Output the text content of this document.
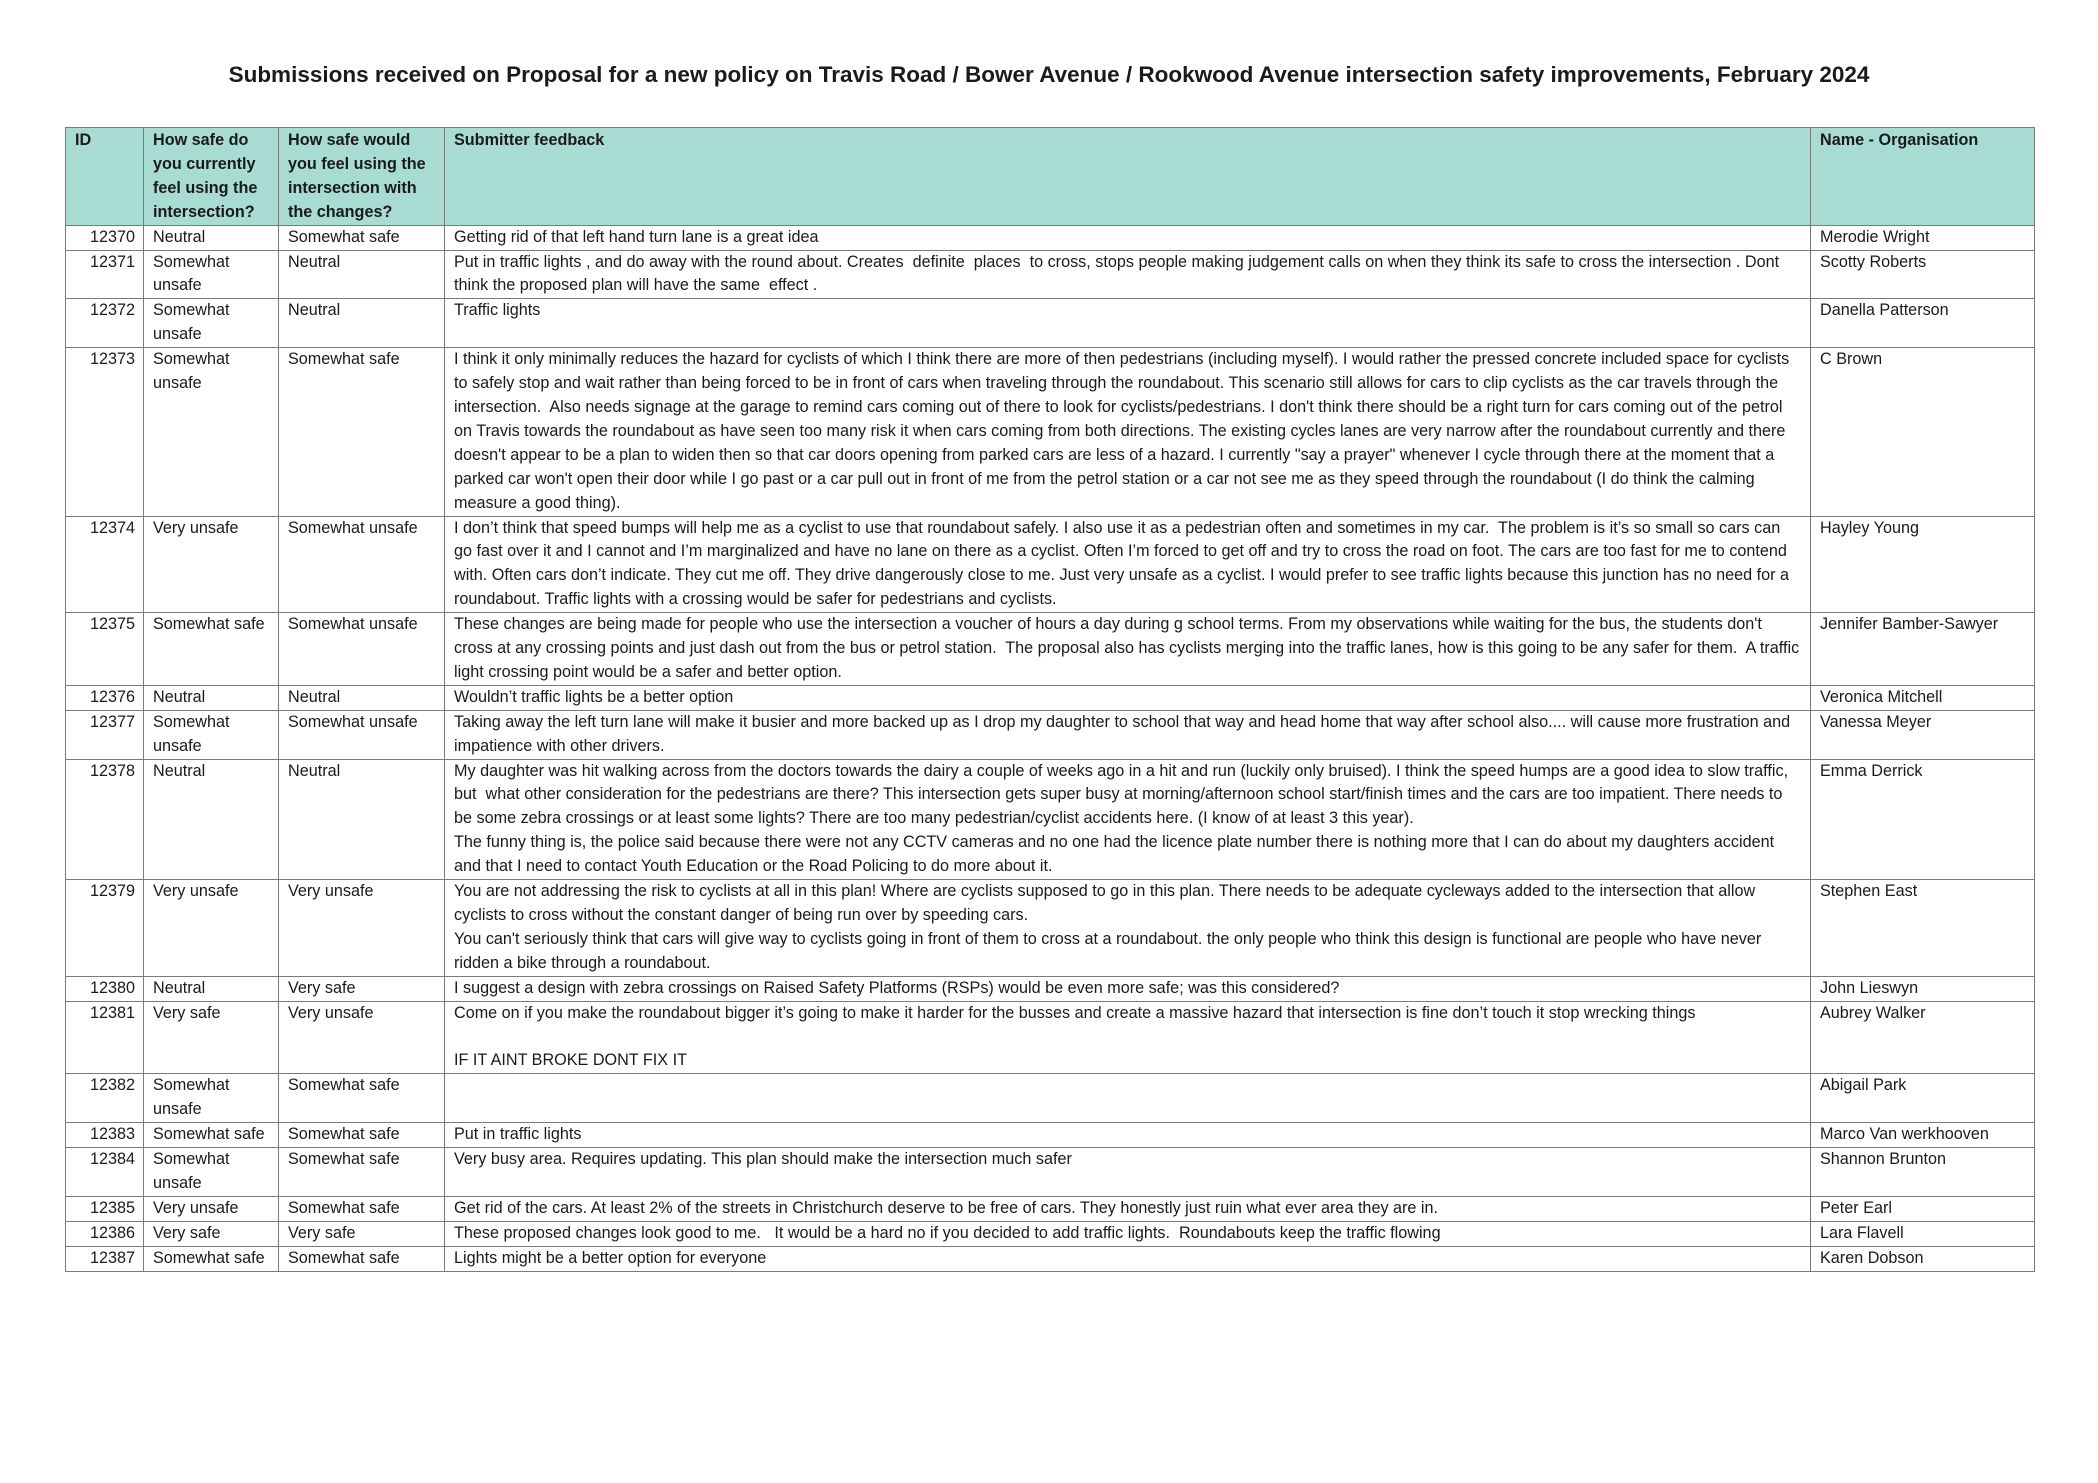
Submissions received on Proposal for a new policy on Travis Road / Bower Avenue / Rookwood Avenue intersection safety improvements, February 2024
ID	How safe do you currently feel using the intersection?	How safe would you feel using the intersection with the changes?	Submitter feedback	Name - Organisation
12370	Neutral	Somewhat safe	Getting rid of that left hand turn lane is a great idea	Merodie Wright
12371	Somewhat unsafe	Neutral	Put in traffic lights , and do away with the round about. Creates  definite  places  to cross, stops people making judgement calls on when they think its safe to cross the intersection . Dont think the proposed plan will have the same  effect .	Scotty Roberts
12372	Somewhat unsafe	Neutral	Traffic lights	Danella Patterson
12373	Somewhat unsafe	Somewhat safe	I think it only minimally reduces the hazard for cyclists of which I think there are more of then pedestrians (including myself). I would rather the pressed concrete included space for cyclists to safely stop and wait rather than being forced to be in front of cars when traveling through the roundabout. This scenario still allows for cars to clip cyclists as the car travels through the intersection.  Also needs signage at the garage to remind cars coming out of there to look for cyclists/pedestrians. I don't think there should be a right turn for cars coming out of the petrol on Travis towards the roundabout as have seen too many risk it when cars coming from both directions. The existing cycles lanes are very narrow after the roundabout currently and there doesn't appear to be a plan to widen then so that car doors opening from parked cars are less of a hazard. I currently "say a prayer" whenever I cycle through there at the moment that a parked car won't open their door while I go past or a car pull out in front of me from the petrol station or a car not see me as they speed through the roundabout (I do think the calming measure a good thing).	C Brown
12374	Very unsafe	Somewhat unsafe	I don’t think that speed bumps will help me as a cyclist to use that roundabout safely. I also use it as a pedestrian often and sometimes in my car.  The problem is it’s so small so cars can go fast over it and I cannot and I’m marginalized and have no lane on there as a cyclist. Often I’m forced to get off and try to cross the road on foot. The cars are too fast for me to contend with. Often cars don’t indicate. They cut me off. They drive dangerously close to me. Just very unsafe as a cyclist. I would prefer to see traffic lights because this junction has no need for a roundabout. Traffic lights with a crossing would be safer for pedestrians and cyclists.	Hayley Young
12375	Somewhat safe	Somewhat unsafe	These changes are being made for people who use the intersection a voucher of hours a day during g school terms. From my observations while waiting for the bus, the students don't cross at any crossing points and just dash out from the bus or petrol station.  The proposal also has cyclists merging into the traffic lanes, how is this going to be any safer for them.  A traffic light crossing point would be a safer and better option.	Jennifer Bamber-Sawyer
12376	Neutral	Neutral	Wouldn’t traffic lights be a better option	Veronica Mitchell
12377	Somewhat unsafe	Somewhat unsafe	Taking away the left turn lane will make it busier and more backed up as I drop my daughter to school that way and head home that way after school also.... will cause more frustration and impatience with other drivers.	Vanessa Meyer
12378	Neutral	Neutral	My daughter was hit walking across from the doctors towards the dairy a couple of weeks ago in a hit and run (luckily only bruised). I think the speed humps are a good idea to slow traffic, but  what other consideration for the pedestrians are there? This intersection gets super busy at morning/afternoon school start/finish times and the cars are too impatient. There needs to be some zebra crossings or at least some lights? There are too many pedestrian/cyclist accidents here. (I know of at least 3 this year).
The funny thing is, the police said because there were not any CCTV cameras and no one had the licence plate number there is nothing more that I can do about my daughters accident and that I need to contact Youth Education or the Road Policing to do more about it.	Emma Derrick
12379	Very unsafe	Very unsafe	You are not addressing the risk to cyclists at all in this plan! Where are cyclists supposed to go in this plan. There needs to be adequate cycleways added to the intersection that allow cyclists to cross without the constant danger of being run over by speeding cars.
You can't seriously think that cars will give way to cyclists going in front of them to cross at a roundabout. the only people who think this design is functional are people who have never ridden a bike through a roundabout.	Stephen East
12380	Neutral	Very safe	I suggest a design with zebra crossings on Raised Safety Platforms (RSPs) would be even more safe; was this considered?	John Lieswyn
12381	Very safe	Very unsafe	Come on if you make the roundabout bigger it’s going to make it harder for the busses and create a massive hazard that intersection is fine don’t touch it stop wrecking things
IF IT AINT BROKE DONT FIX IT	Aubrey Walker
12382	Somewhat unsafe	Somewhat safe		Abigail Park
12383	Somewhat safe	Somewhat safe	Put in traffic lights	Marco Van werkhooven
12384	Somewhat unsafe	Somewhat safe	Very busy area. Requires updating. This plan should make the intersection much safer	Shannon Brunton
12385	Very unsafe	Somewhat safe	Get rid of the cars. At least 2% of the streets in Christchurch deserve to be free of cars. They honestly just ruin what ever area they are in.	Peter Earl
12386	Very safe	Very safe	These proposed changes look good to me.   It would be a hard no if you decided to add traffic lights.  Roundabouts keep the traffic flowing	Lara Flavell
12387	Somewhat safe	Somewhat safe	Lights might be a better option for everyone	Karen Dobson
